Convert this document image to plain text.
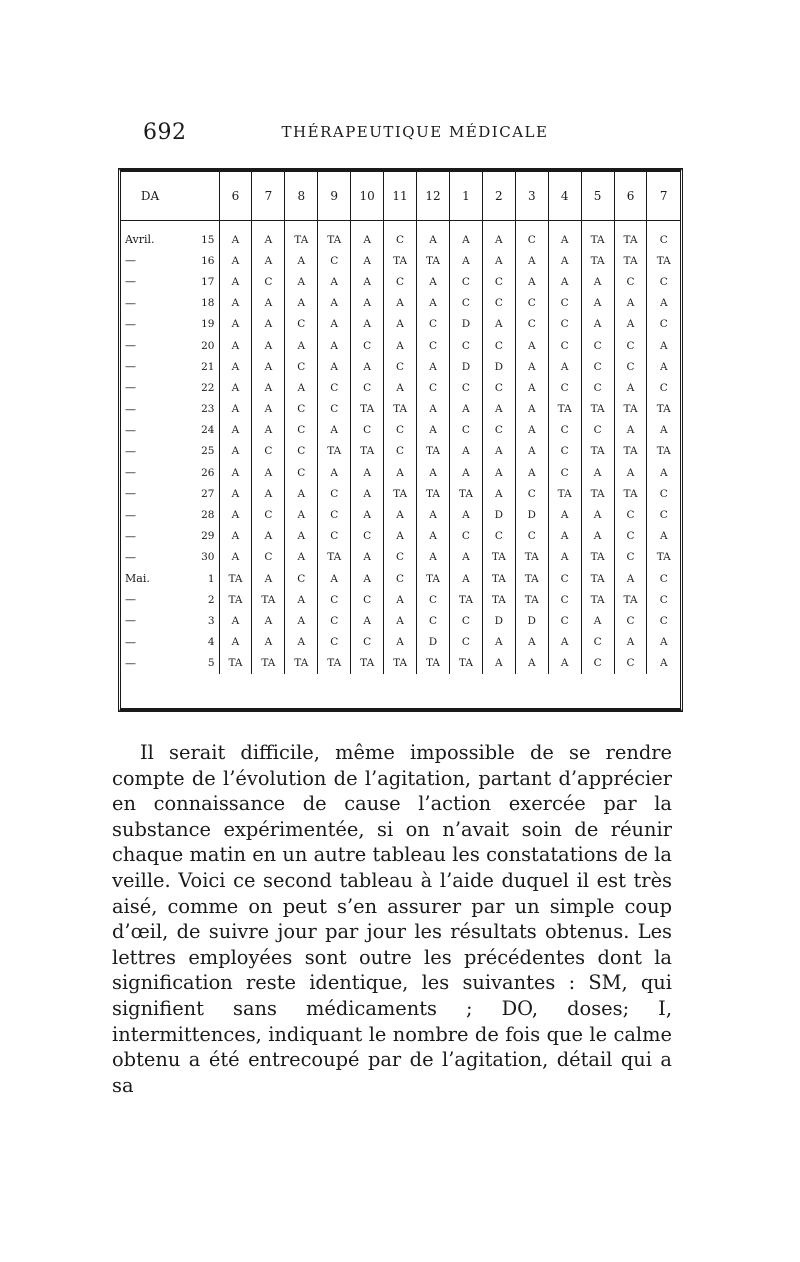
692	THÉRAPEUTIQUE MÉDICALE
DA		6	7	8	9	10	11	12	1	2	3	4	5	6	7
Avril.	15	A	A	TA	TA	A	C	A	A	A	C	A	TA	TA	C
—	16	A	A	A	C	A	TA	TA	A	A	A	A	TA	TA	TA
—	17	A	C	A	A	A	C	A	C	C	A	A	A	C	C
—	18	A	A	A	A	A	A	A	C	C	C	C	A	A	A
—	19	A	A	C	A	A	A	C	D	A	C	C	A	A	C
—	20	A	A	A	A	C	A	C	C	C	A	C	C	C	A
—	21	A	A	C	A	A	C	A	D	D	A	A	C	C	A
—	22	A	A	A	C	C	A	C	C	C	A	C	C	A	C
—	23	A	A	C	C	TA	TA	A	A	A	A	TA	TA	TA	TA
—	24	A	A	C	A	C	C	A	C	C	A	C	C	A	A
—	25	A	C	C	TA	TA	C	TA	A	A	A	C	TA	TA	TA
—	26	A	A	C	A	A	A	A	A	A	A	C	A	A	A
—	27	A	A	A	C	A	TA	TA	TA	A	C	TA	TA	TA	C
—	28	A	C	A	C	A	A	A	A	D	D	A	A	C	C
—	29	A	A	A	C	C	A	A	C	C	C	A	A	C	A
—	30	A	C	A	TA	A	C	A	A	TA	TA	A	TA	C	TA
Mai.	1	TA	A	C	A	A	C	TA	A	TA	TA	C	TA	A	C
—	2	TA	TA	A	C	C	A	C	TA	TA	TA	C	TA	TA	C
—	3	A	A	A	C	A	A	C	C	D	D	C	A	C	C
—	4	A	A	A	C	C	A	D	C	A	A	A	C	A	A
—	5	TA	TA	TA	TA	TA	TA	TA	TA	A	A	A	C	C	A

Il serait difficile, même impossible de se rendre compte de l’évolution de l’agitation, partant d’apprécier en connaissance de cause l’action exercée par la substance expérimentée, si on n’avait soin de réunir chaque matin en un autre tableau les constatations de la veille. Voici ce second tableau à l’aide duquel il est très aisé, comme on peut s’en assurer par un simple coup d’œil, de suivre jour par jour les résultats obtenus. Les lettres employées sont outre les précédentes dont la signification reste identique, les suivantes : SM, qui signifient sans médicaments ; DO, doses; I, intermittences, indiquant le nombre de fois que le calme obtenu a été entrecoupé par de l’agitation, détail qui a sa
